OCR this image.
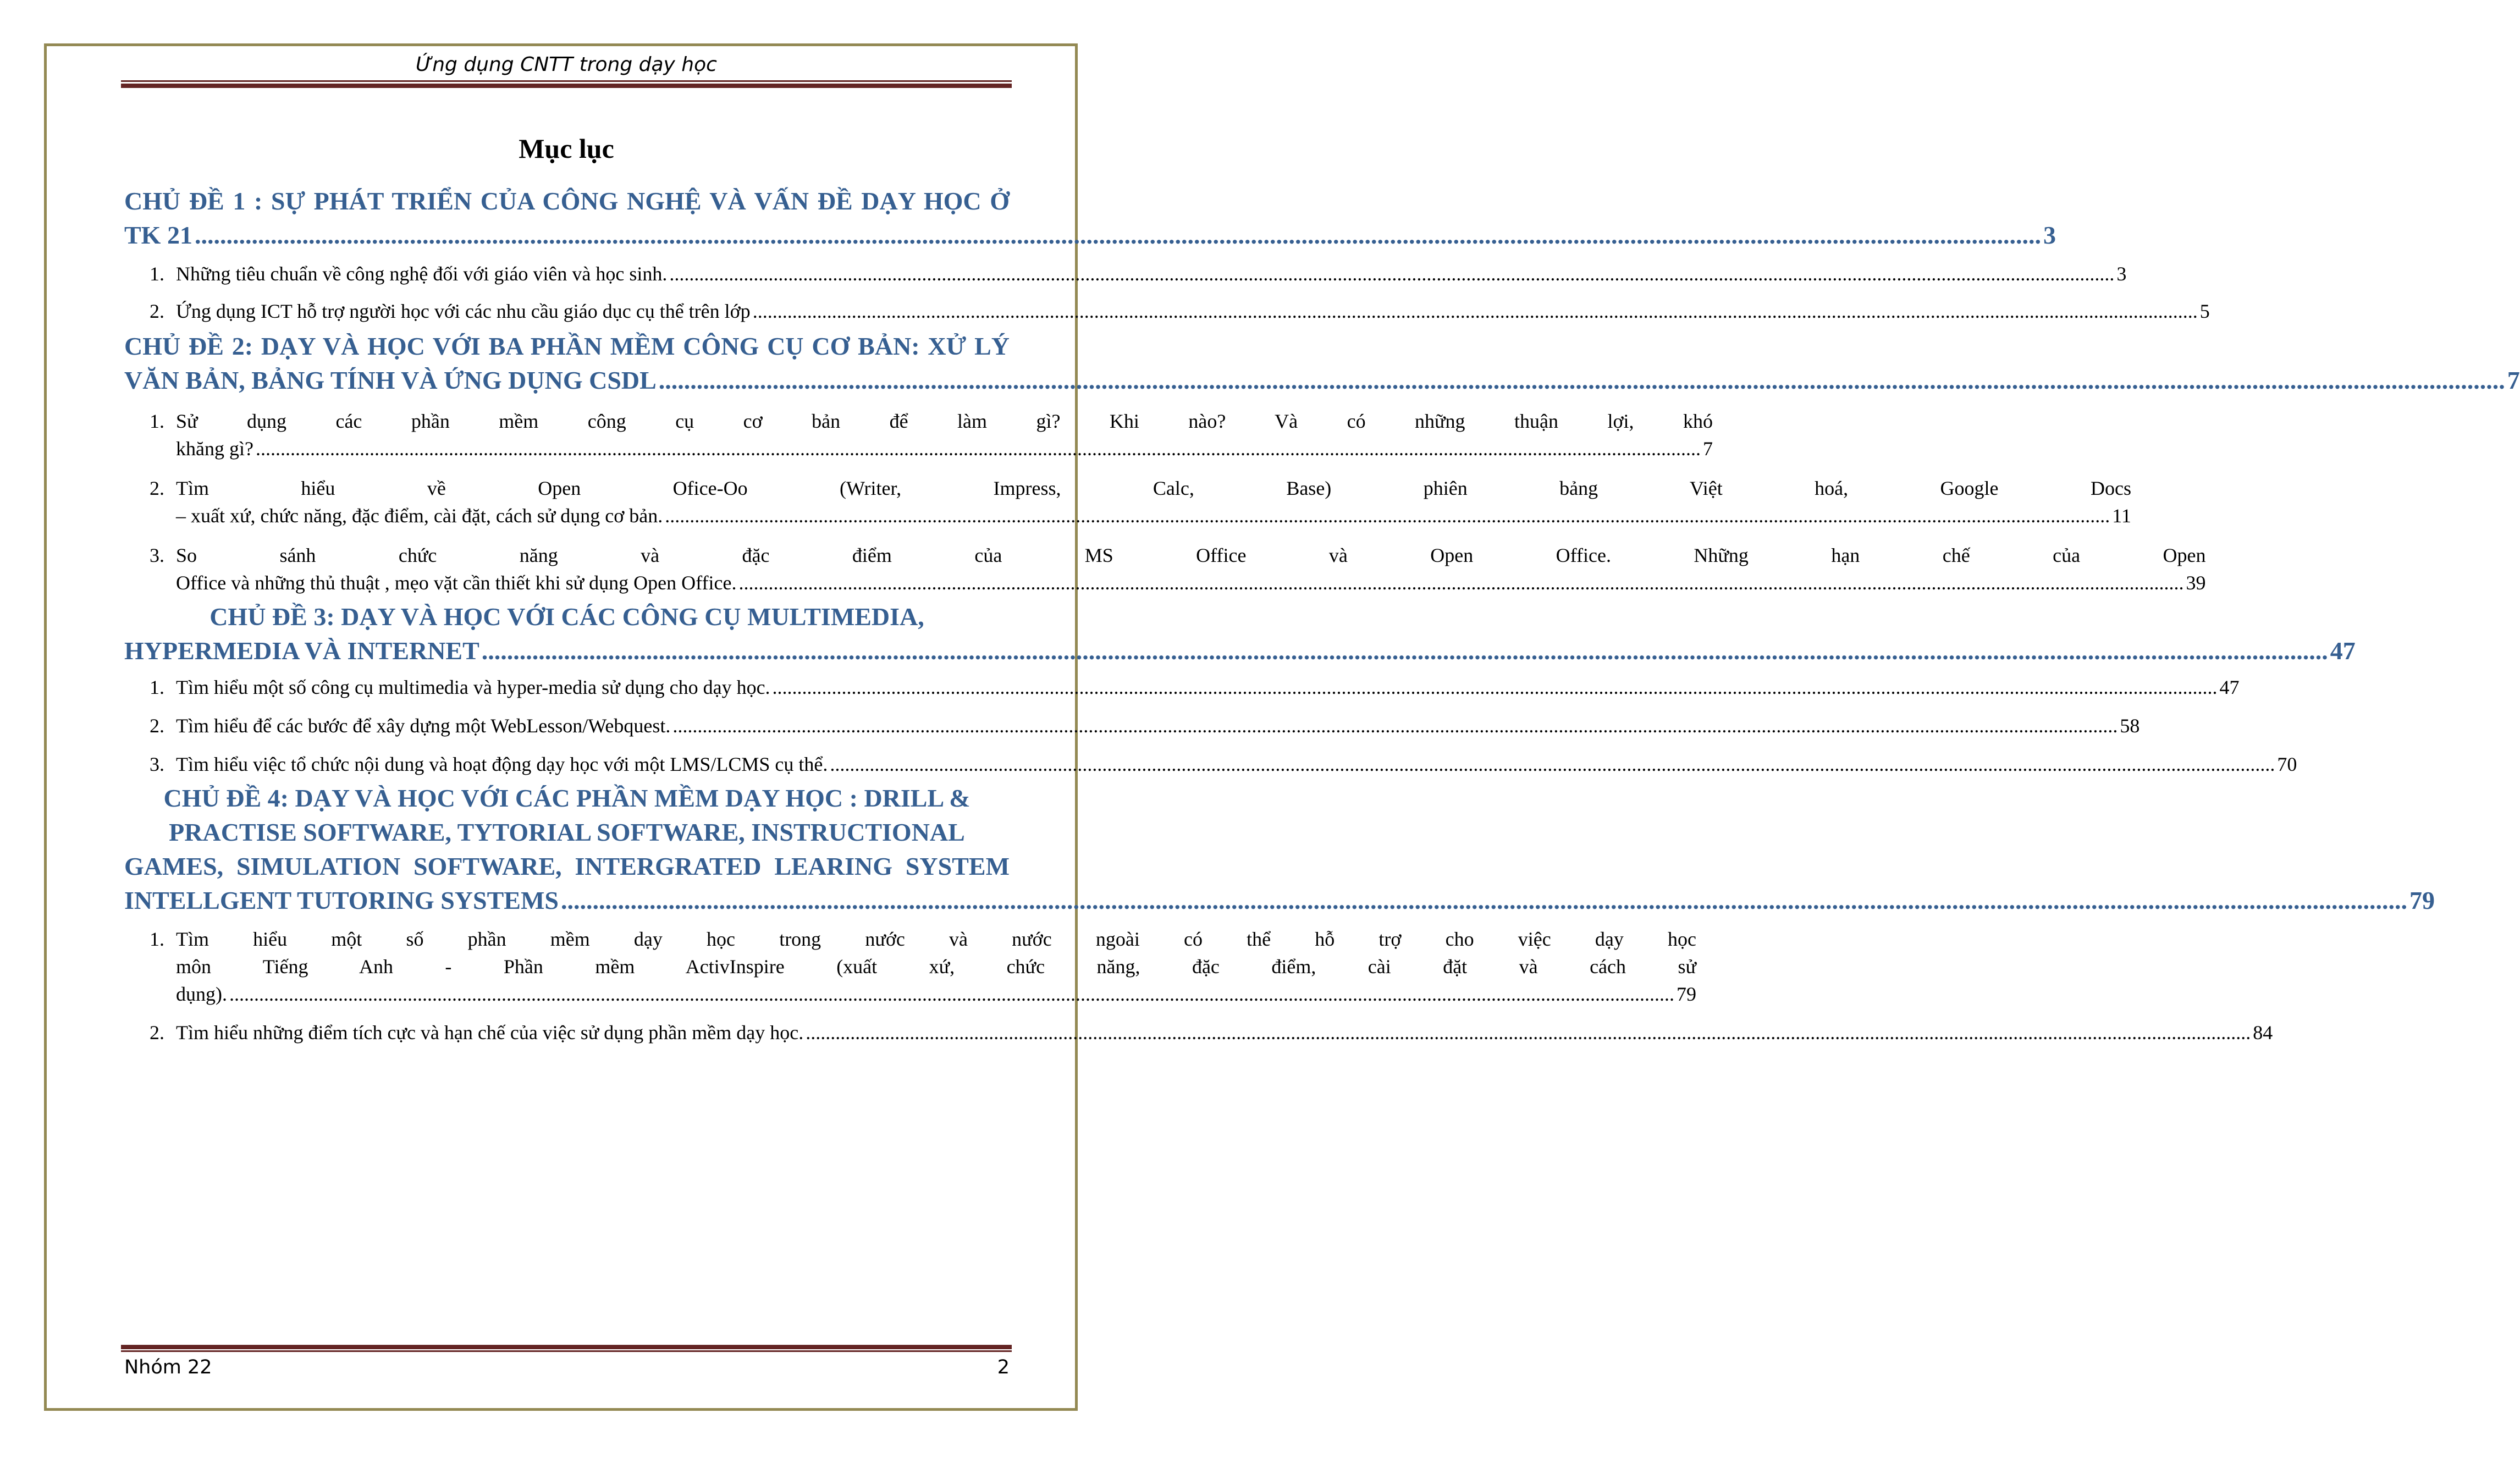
Ứng dụng CNTT trong dạy học
Mục lục
CHỦ ĐỀ 1 : SỰ PHÁT TRIỂN CỦA CÔNG NGHỆ VÀ VẤN ĐỀ DẠY HỌC Ở
TK 21 .....	3
1. Những tiêu chuẩn về công nghệ đối với giáo viên và học sinh. .....	3
2. Ứng dụng ICT hỗ trợ người học với các nhu cầu giáo dục cụ thể trên lớp .....	5
CHỦ ĐỀ 2: DẠY VÀ HỌC VỚI BA PHẦN MỀM CÔNG CỤ CƠ BẢN: XỬ LÝ
VĂN BẢN, BẢNG TÍNH VÀ ỨNG DỤNG CSDL .....	7
1. Sử dụng các phần mềm công cụ cơ bản để làm gì? Khi nào? Và có những thuận lợi, khó
khăng gì? .....	7
2. Tìm hiểu về Open Ofice-Oo (Writer, Impress, Calc, Base) phiên bảng Việt hoá, Google Docs
– xuất xứ, chức năng, đặc điểm, cài đặt, cách sử dụng cơ bản. .....	11
3. So sánh chức năng và đặc điểm của MS Office và Open Office. Những hạn chế của Open
Office và những thủ thuật , mẹo vặt cần thiết khi sử dụng Open Office. .....	39
CHỦ ĐỀ 3: DẠY VÀ HỌC VỚI CÁC CÔNG CỤ MULTIMEDIA,
HYPERMEDIA VÀ INTERNET .....	47
1. Tìm hiểu một số công cụ multimedia và hyper-media sử dụng cho dạy học. .....	47
2. Tìm hiểu để các bước để xây dựng một WebLesson/Webquest. .....	58
3. Tìm hiểu việc tổ chức nội dung và hoạt động dạy học với một LMS/LCMS cụ thể. .....	70
CHỦ ĐỀ 4: DẠY VÀ HỌC VỚI CÁC PHẦN MỀM DẠY HỌC : DRILL &
PRACTISE SOFTWARE, TYTORIAL SOFTWARE, INSTRUCTIONAL
GAMES, SIMULATION SOFTWARE, INTERGRATED LEARING SYSTEM
INTELLGENT TUTORING SYSTEMS .....	79
1. Tìm hiểu một số phần mềm dạy học trong nước và nước ngoài có thể hỗ trợ cho việc dạy học
môn Tiếng Anh - Phần mềm ActivInspire (xuất xứ, chức năng, đặc điểm, cài đặt và cách sử
dụng). .....	79
2. Tìm hiểu những điểm tích cực và hạn chế của việc sử dụng phần mềm dạy học. .....	84
Nhóm 22	2
